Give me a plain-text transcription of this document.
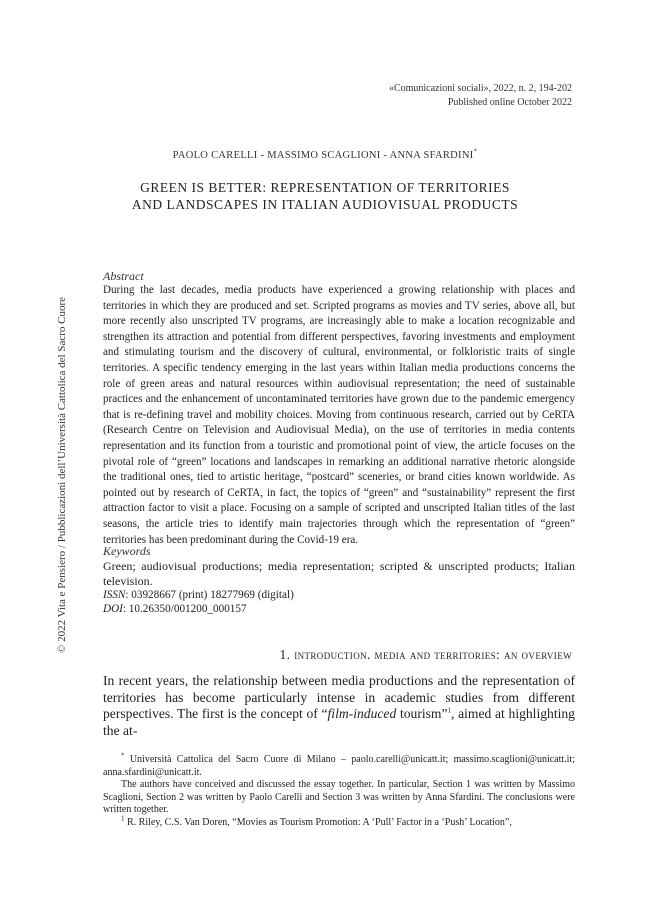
«Comunicazioni sociali», 2022, n. 2, 194-202
Published online October 2022
PAOLO CARELLI - MASSIMO SCAGLIONI - ANNA SFARDINI*
GREEN IS BETTER: REPRESENTATION OF TERRITORIES
AND LANDSCAPES IN ITALIAN AUDIOVISUAL PRODUCTS
Abstract

During the last decades, media products have experienced a growing relationship with places and territories in which they are produced and set. Scripted programs as movies and TV series, above all, but more recently also unscripted TV programs, are increasingly able to make a location recognizable and strengthen its attraction and potential from different perspectives, favoring investments and employment and stimulating tourism and the discovery of cultural, environmental, or folkloristic traits of single territories. A specific tendency emerging in the last years within Italian media productions concerns the role of green areas and natural resources within audiovisual representation; the need of sustainable practices and the enhancement of uncontaminated territories have grown due to the pandemic emergency that is re-defining travel and mobility choices. Moving from continuous research, carried out by CeRTA (Research Centre on Television and Audiovisual Media), on the use of territories in media contents representation and its function from a touristic and promotional point of view, the article focuses on the pivotal role of “green” locations and landscapes in remarking an additional narrative rhetoric alongside the traditional ones, tied to artistic heritage, “postcard” sceneries, or brand cities known worldwide. As pointed out by research of CeRTA, in fact, the topics of “green” and “sustainability” represent the first attraction factor to visit a place. Focusing on a sample of scripted and unscripted Italian titles of the last seasons, the article tries to identify main trajectories through which the representation of “green” territories has been predominant during the Covid-19 era.

Keywords

Green; audiovisual productions; media representation; scripted & unscripted products; Italian television.

ISSN: 03928667 (print) 18277969 (digital)
DOI: 10.26350/001200_000157
1. introduction. media and territories: an overview

In recent years, the relationship between media productions and the representation of territories has become particularly intense in academic studies from different perspectives. The first is the concept of “film-induced tourism”$^1$, aimed at highlighting the at-

* Università Cattolica del Sacro Cuore di Milano – paolo.carelli@unicatt.it; massimo.scaglioni@unicatt.it; anna.sfardini@unicatt.it.

The authors have conceived and discussed the essay together. In particular, Section 1 was written by Massimo Scaglioni, Section 2 was written by Paolo Carelli and Section 3 was written by Anna Sfardini. The conclusions were written together.

$^1$ R. Riley, C.S. Van Doren, “Movies as Tourism Promotion: A ‘Pull’ Factor in a ‘Push’ Location”,

© 2022 Vita e Pensiero / Pubblicazioni dell’Università Cattolica del Sacro Cuore
